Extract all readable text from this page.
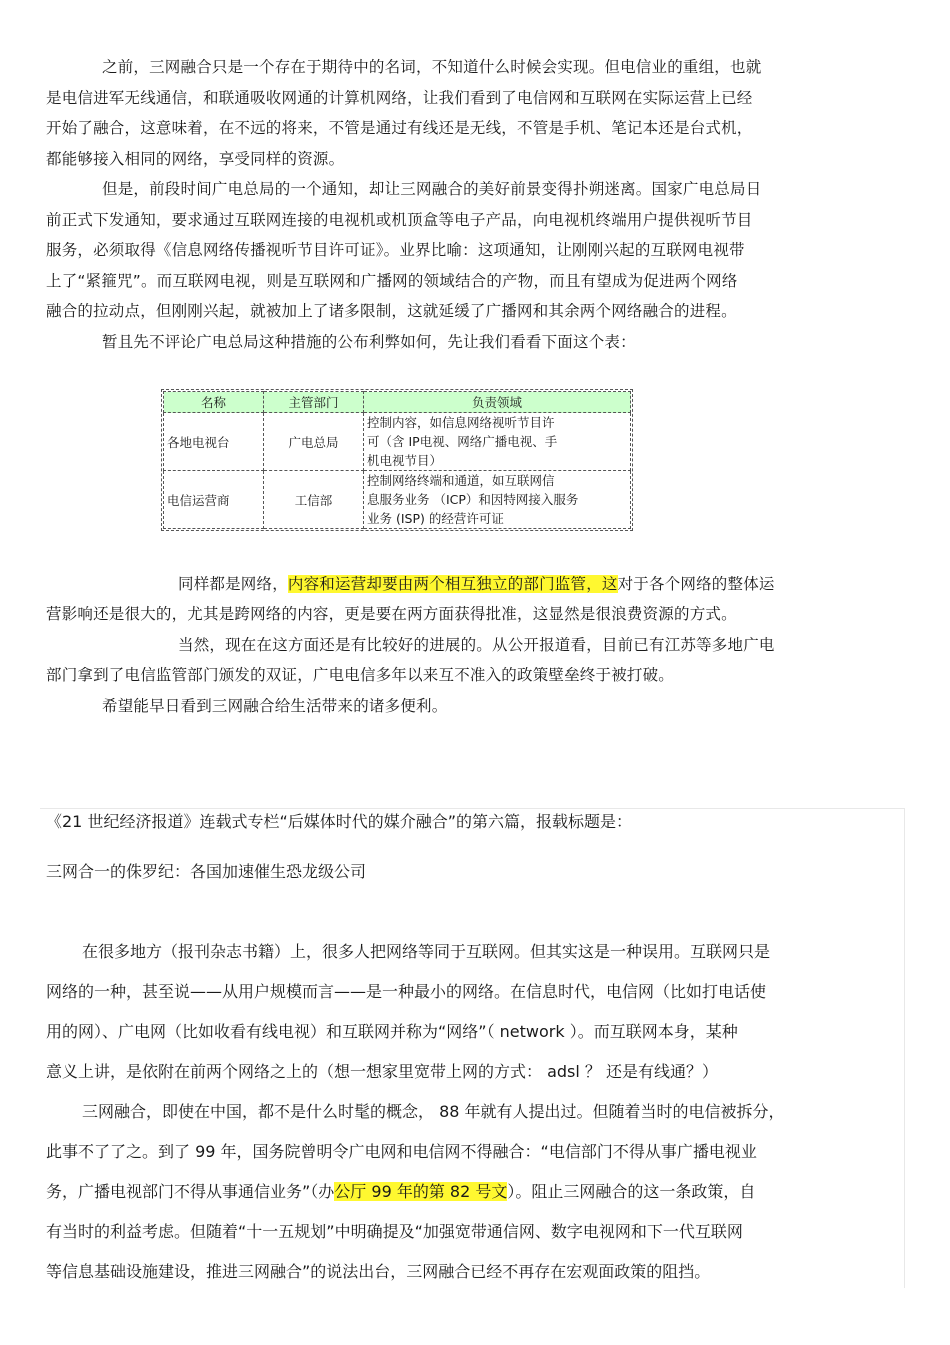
之前，三网融合只是一个存在于期待中的名词，不知道什么时候会实现。但电信业的重组，也就
是电信进军无线通信，和联通吸收网通的计算机网络，让我们看到了电信网和互联网在实际运营上已经
开始了融合，这意味着，在不远的将来，不管是通过有线还是无线，不管是手机、笔记本还是台式机，
都能够接入相同的网络，享受同样的资源。
但是，前段时间广电总局的一个通知，却让三网融合的美好前景变得扑朔迷离。国家广电总局日
前正式下发通知，要求通过互联网连接的电视机或机顶盒等电子产品，向电视机终端用户提供视听节目
服务，必须取得《信息网络传播视听节目许可证》。业界比喻：这项通知，让刚刚兴起的互联网电视带
上了“紧箍咒”。而互联网电视，则是互联网和广播网的领域结合的产物，而且有望成为促进两个网络
融合的拉动点，但刚刚兴起，就被加上了诸多限制，这就延缓了广播网和其余两个网络融合的进程。
暂且先不评论广电总局这种措施的公布利弊如何，先让我们看看下面这个表：
名称	主管部门	负责领域
各地电视台	广电总局	控制内容，如信息网络视听节目许
可（含 IP电视、网络广播电视、手
机电视节目）

电信运营商	工信部	控制网络终端和通道，如互联网信
息服务业务 （ICP）和因特网接入服务
业务 (ISP) 的经营许可证
同样都是网络，内容和运营却要由两个相互独立的部门监管，这对于各个网络的整体运
营影响还是很大的，尤其是跨网络的内容，更是要在两方面获得批准，这显然是很浪费资源的方式。
当然，现在在这方面还是有比较好的进展的。从公开报道看，目前已有江苏等多地广电
部门拿到了电信监管部门颁发的双证，广电电信多年以来互不准入的政策壁垒终于被打破。
希望能早日看到三网融合给生活带来的诸多便利。
《21 世纪经济报道》连载式专栏“后媒体时代的媒介融合”的第六篇，报载标题是：
三网合一的侏罗纪：各国加速催生恐龙级公司
在很多地方（报刊杂志书籍）上，很多人把网络等同于互联网。但其实这是一种误用。互联网只是
网络的一种，甚至说——从用户规模而言——是一种最小的网络。在信息时代，电信网（比如打电话使
用的网）、广电网（比如收看有线电视）和互联网并称为“网络”（ network ）。而互联网本身，某种
意义上讲，是依附在前两个网络之上的（想一想家里宽带上网的方式： adsl ？ 还是有线通？）
三网融合，即使在中国，都不是什么时髦的概念， 88 年就有人提出过。但随着当时的电信被拆分，
此事不了了之。到了 99 年，国务院曾明令广电网和电信网不得融合：“电信部门不得从事广播电视业
务，广播电视部门不得从事通信业务”（办公厅 99 年的第 82 号文）。阻止三网融合的这一条政策，自
有当时的利益考虑。但随着“十一五规划”中明确提及“加强宽带通信网、数字电视网和下一代互联网
等信息基础设施建设，推进三网融合”的说法出台，三网融合已经不再存在宏观面政策的阻挡。
